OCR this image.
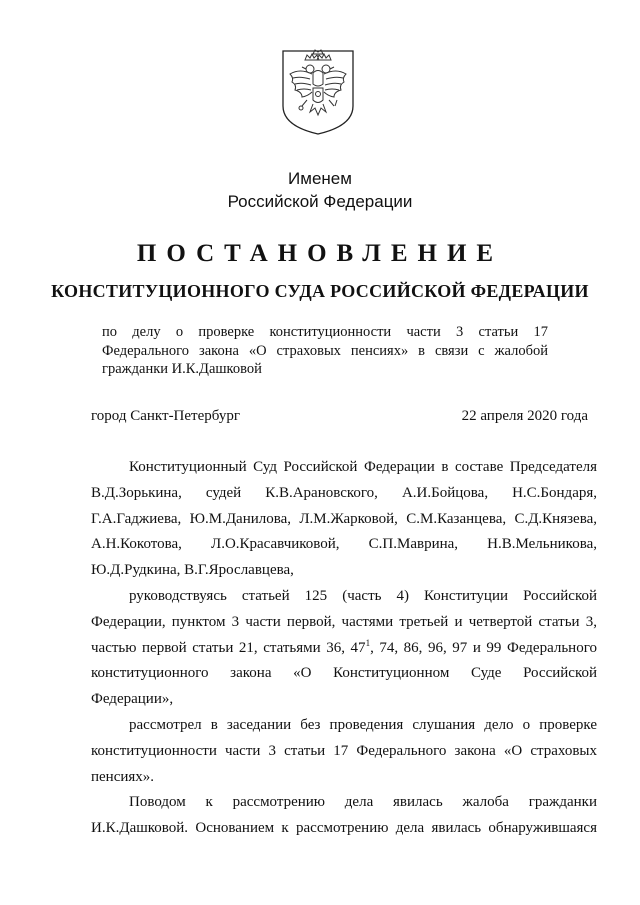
Именем
Российской Федерации
ПОСТАНОВЛЕНИЕ
КОНСТИТУЦИОННОГО СУДА РОССИЙСКОЙ ФЕДЕРАЦИИ
по делу о проверке конституционности части 3 статьи 17
Федерального закона «О страховых пенсиях» в связи с жалобой
гражданки И.К.Дашковой
город Санкт-Петербург	22 апреля 2020 года
Конституционный Суд Российской Федерации в составе Председателя
В.Д.Зорькина, судей К.В.Арановского, А.И.Бойцова, Н.С.Бондаря,
Г.А.Гаджиева, Ю.М.Данилова, Л.М.Жарковой, С.М.Казанцева, С.Д.Князева,
А.Н.Кокотова, Л.О.Красавчиковой, С.П.Маврина, Н.В.Мельникова,
Ю.Д.Рудкина, В.Г.Ярославцева,
руководствуясь статьей 125 (часть 4) Конституции Российской
Федерации, пунктом 3 части первой, частями третьей и четвертой статьи 3,
частью первой статьи 21, статьями 36, $47^1$, 74, 86, 96, 97 и 99 Федерального
конституционного закона «О Конституционном Суде Российской
Федерации»,
рассмотрел в заседании без проведения слушания дело о проверке
конституционности части 3 статьи 17 Федерального закона «О страховых
пенсиях».
Поводом к рассмотрению дела явилась жалоба гражданки
И.К.Дашковой. Основанием к рассмотрению дела явилась обнаружившаяся
